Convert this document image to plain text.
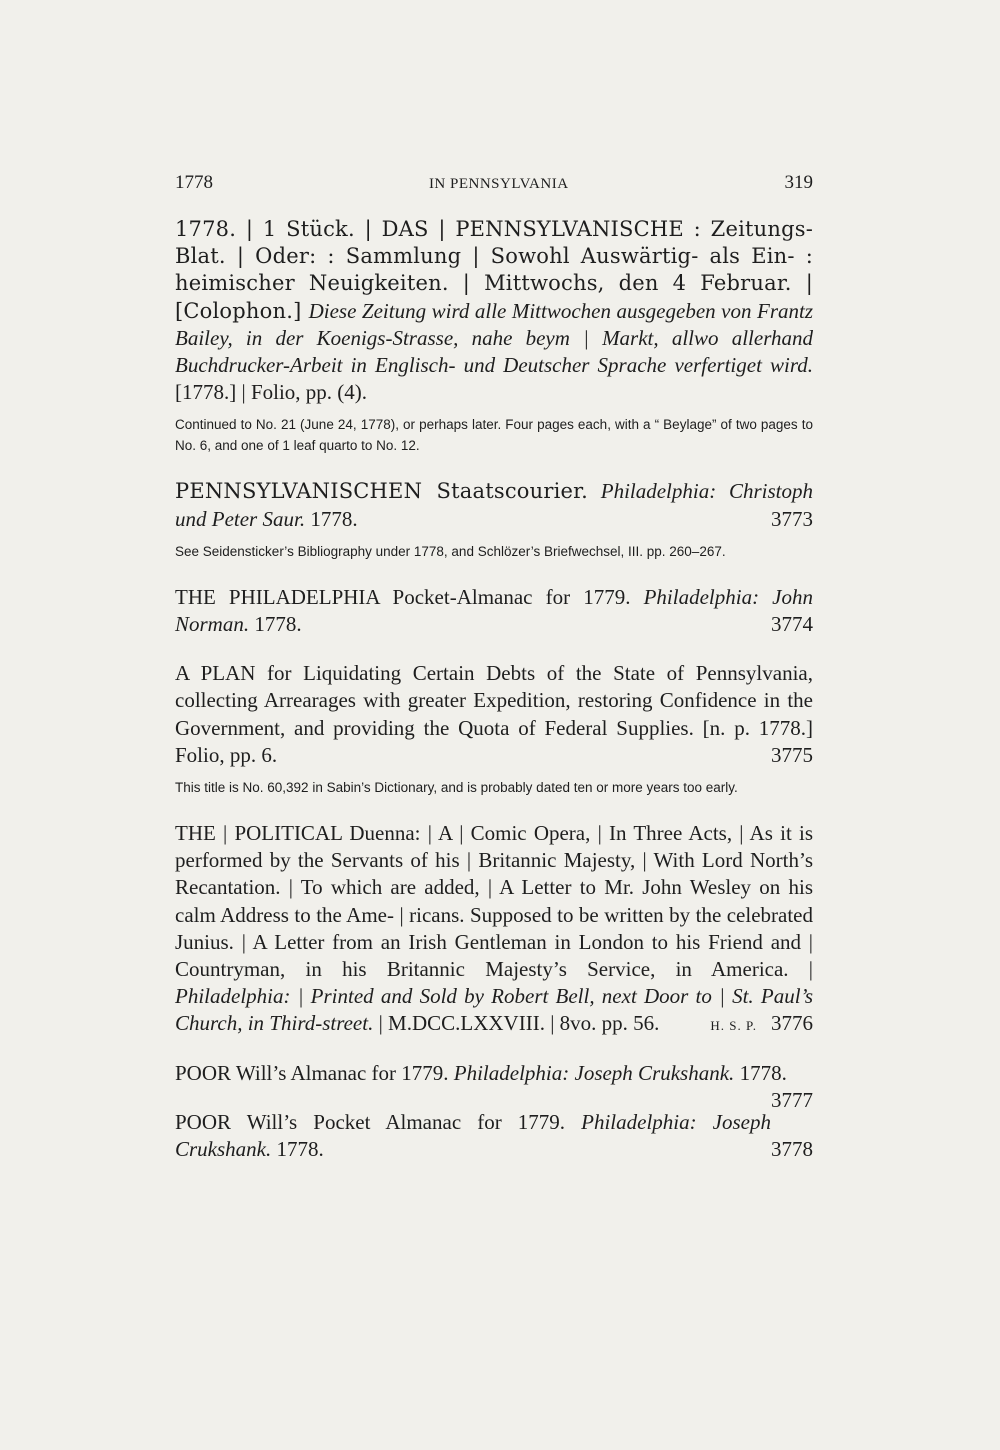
1778	IN PENNSYLVANIA	319

1778. | 1 Stück. | DAS | PENNSYLVANISCHE : Zeitungs-Blat. | Oder: : Sammlung | Sowohl Auswärtig- als Ein- : heimischer Neuigkeiten. | Mittwochs, den 4 Februar. | [Colophon.] Diese Zeitung wird alle Mittwochen ausgegeben von Frantz Bailey, in der Koenigs-Strasse, nahe beym | Markt, allwo allerhand Buchdrucker-Arbeit in Englisch- und Deutscher Sprache verfertiget wird. [1778.] | Folio, pp. (4).

Continued to No. 21 (June 24, 1778), or perhaps later. Four pages each, with a “ Beylage” of two pages to No. 6, and one of 1 leaf quarto to No. 12.

PENNSYLVANISCHEN Staatscourier. Philadelphia: Christoph und Peter Saur. 1778.	3773

See Seidensticker’s Bibliography under 1778, and Schlözer’s Briefwechsel, III. pp. 260–267.

THE PHILADELPHIA Pocket-Almanac for 1779. Philadelphia: John Norman. 1778.	3774

A PLAN for Liquidating Certain Debts of the State of Pennsylvania, collecting Arrearages with greater Expedition, restoring Confidence in the Government, and providing the Quota of Federal Supplies. [n. p. 1778.] Folio, pp. 6.	3775

This title is No. 60,392 in Sabin’s Dictionary, and is probably dated ten or more years too early.

THE | POLITICAL Duenna: | A | Comic Opera, | In Three Acts, | As it is performed by the Servants of his | Britannic Majesty, | With Lord North’s Recantation. | To which are added, | A Letter to Mr. John Wesley on his calm Address to the Ame- | ricans. Supposed to be written by the celebrated Junius. | A Letter from an Irish Gentleman in London to his Friend and | Countryman, in his Britannic Majesty’s Service, in America. | Philadelphia: | Printed and Sold by Robert Bell, next Door to | St. Paul’s Church, in Third-street. | M.DCC.LXXVIII. | 8vo. pp. 56.	H. S. P. 3776

POOR Will’s Almanac for 1779. Philadelphia: Joseph Crukshank. 1778.
3777

POOR Will’s Pocket Almanac for 1779. Philadelphia: Joseph Crukshank. 1778.	3778
